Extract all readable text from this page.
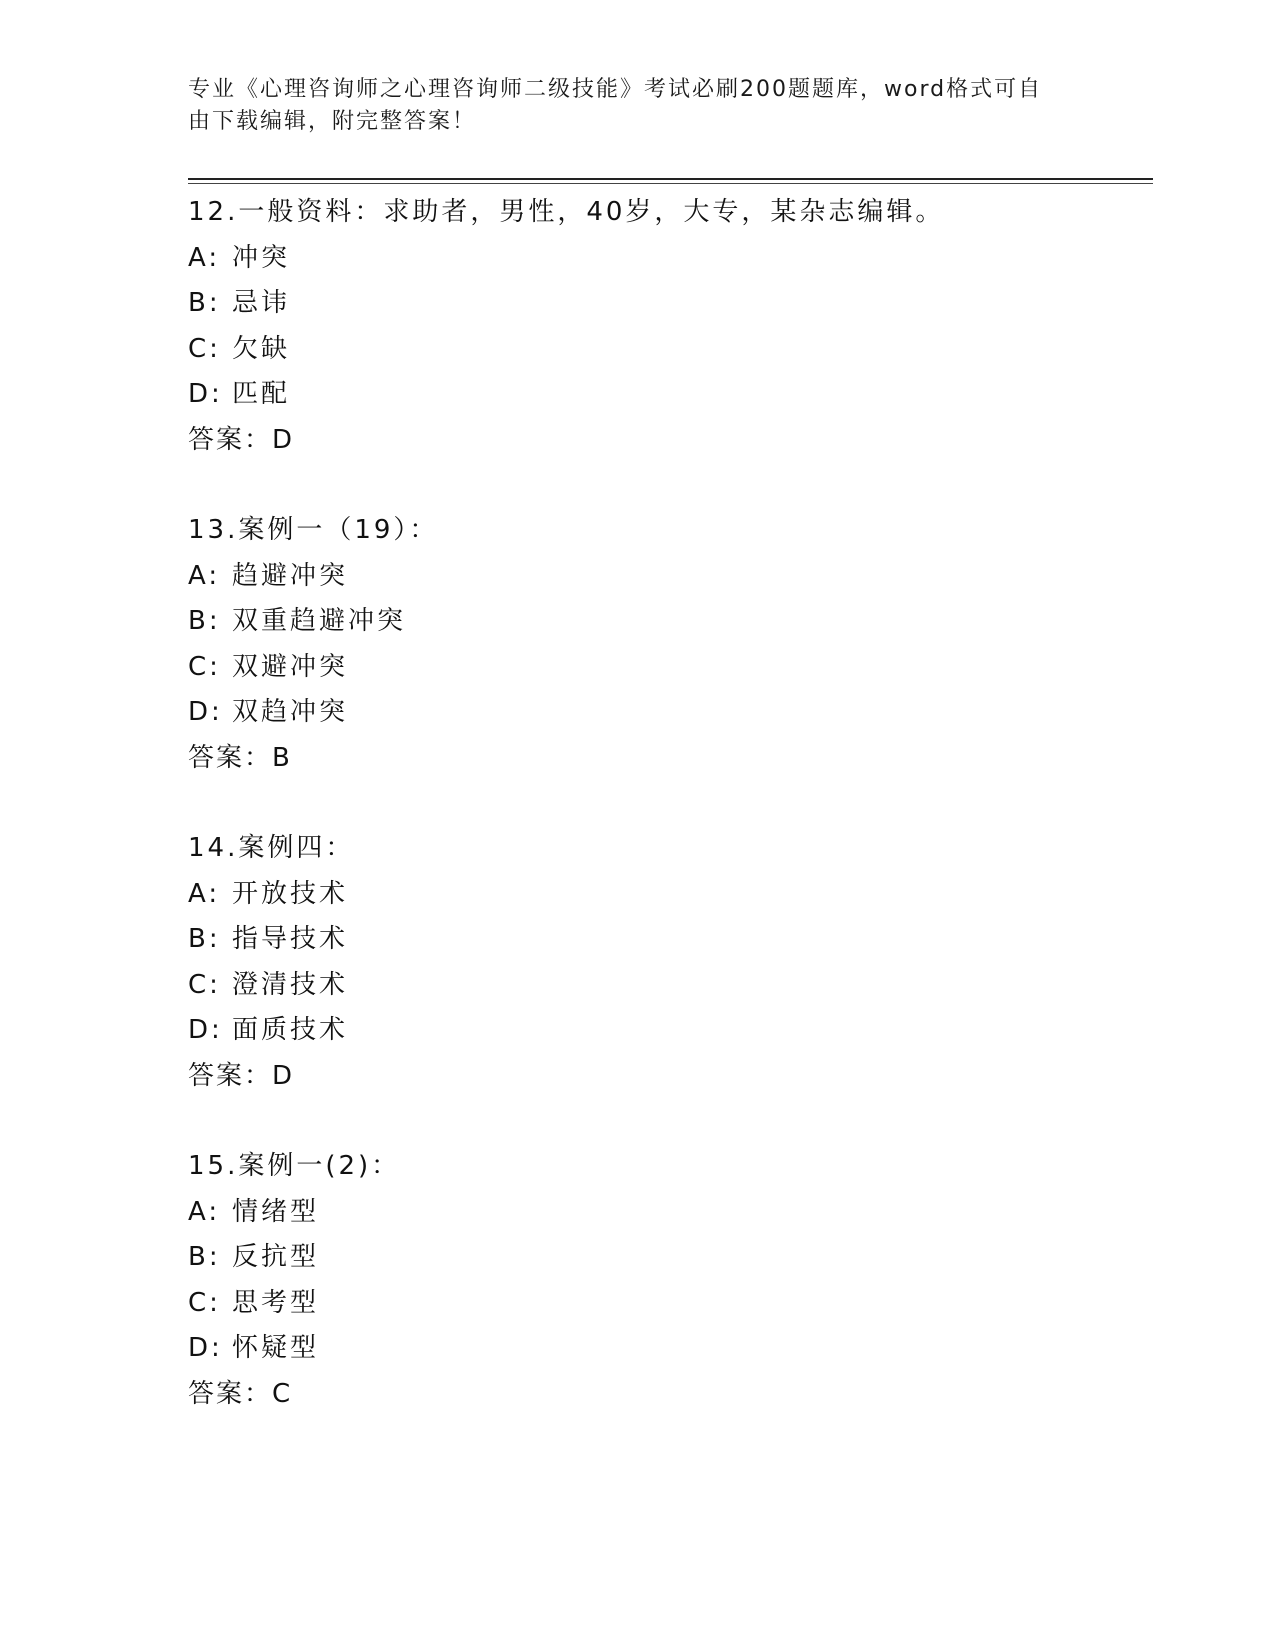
专业《心理咨询师之心理咨询师二级技能》考试必刷200题题库，word格式可自
由下载编辑，附完整答案！
12.一般资料：求助者，男性，40岁，大专，某杂志编辑。
A: 冲突
B: 忌讳
C: 欠缺
D: 匹配
答案：D
13.案例一（19）：
A: 趋避冲突
B: 双重趋避冲突
C: 双避冲突
D: 双趋冲突
答案：B
14.案例四：
A: 开放技术
B: 指导技术
C: 澄清技术
D: 面质技术
答案：D
15.案例一(2)：
A: 情绪型
B: 反抗型
C: 思考型
D: 怀疑型
答案：C
